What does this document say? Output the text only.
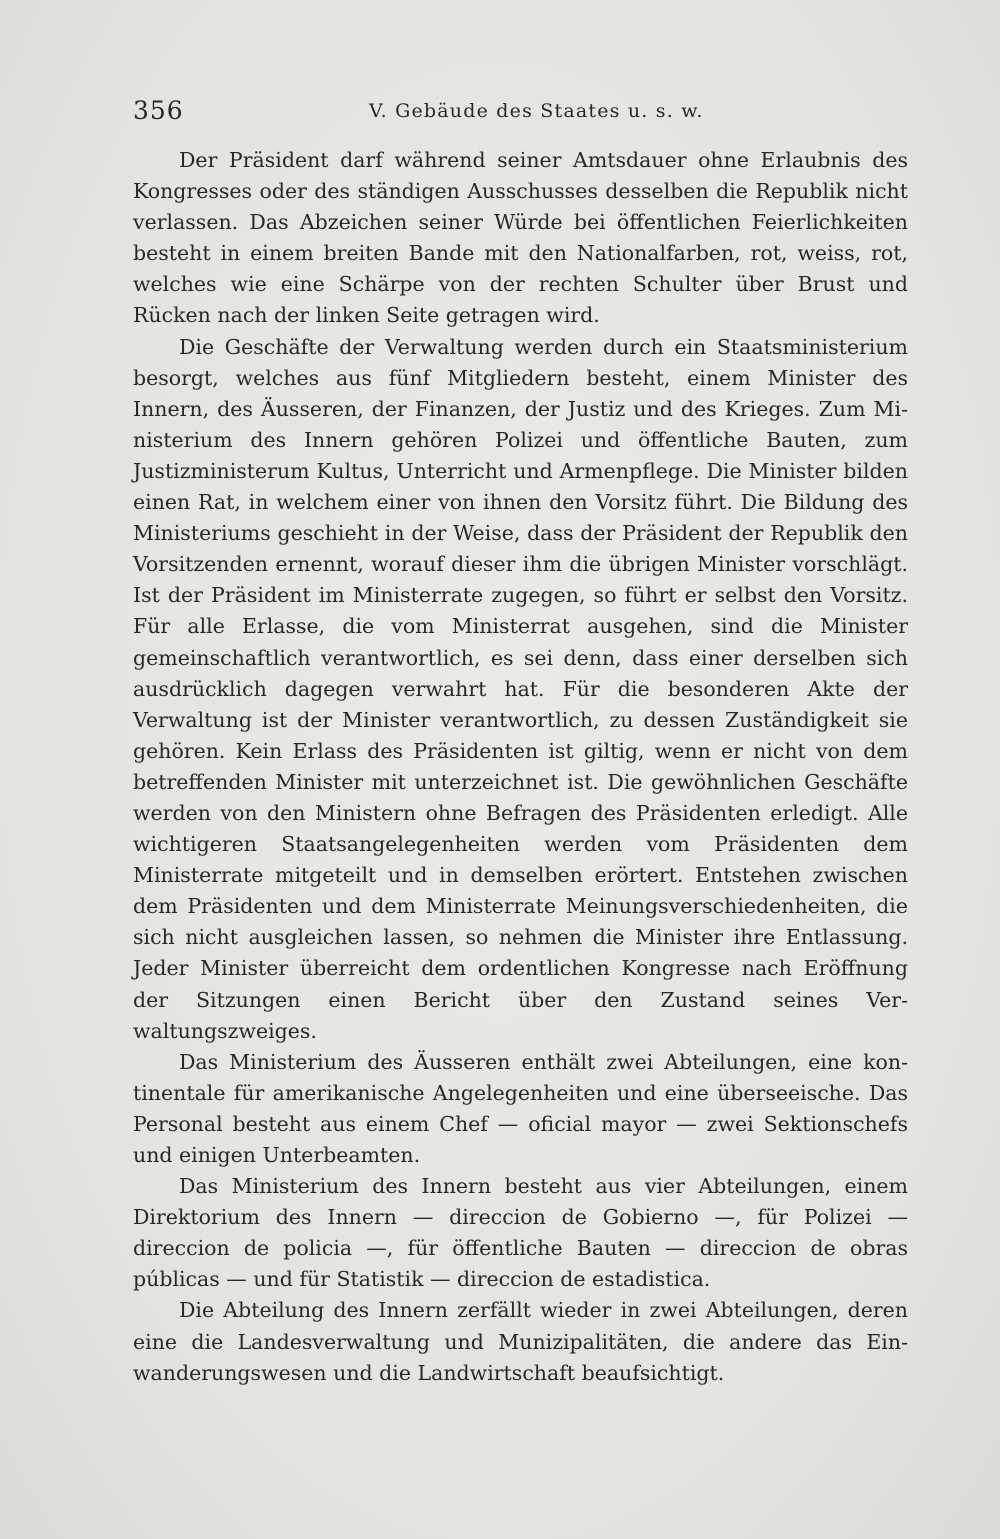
356	V. Gebäude des Staates u. s. w.

Der Präsident darf während seiner Amtsdauer ohne Erlaubnis des Kongresses oder des ständigen Ausschusses desselben die Republik nicht verlassen. Das Abzeichen seiner Würde bei öffentlichen Feierlichkeiten besteht in einem breiten Bande mit den Nationalfarben, rot, weiss, rot, welches wie eine Schärpe von der rechten Schulter über Brust und Rücken nach der linken Seite getragen wird.

Die Geschäfte der Verwaltung werden durch ein Staatsministerium besorgt, welches aus fünf Mitgliedern besteht, einem Minister des Innern, des Äusseren, der Finanzen, der Justiz und des Krieges. Zum Ministerium des Innern gehören Polizei und öffentliche Bauten, zum Justizministerum Kultus, Unterricht und Armenpflege. Die Minister bilden einen Rat, in welchem einer von ihnen den Vorsitz führt. Die Bildung des Ministeriums geschieht in der Weise, dass der Präsident der Republik den Vorsitzenden ernennt, worauf dieser ihm die übrigen Minister vorschlägt. Ist der Präsident im Ministerrate zugegen, so führt er selbst den Vorsitz. Für alle Erlasse, die vom Ministerrat ausgehen, sind die Minister gemeinschaftlich verantwortlich, es sei denn, dass einer derselben sich ausdrücklich dagegen verwahrt hat. Für die besonderen Akte der Verwaltung ist der Minister verantwortlich, zu dessen Zuständigkeit sie gehören. Kein Erlass des Präsidenten ist giltig, wenn er nicht von dem betreffenden Minister mit unterzeichnet ist. Die gewöhnlichen Geschäfte werden von den Ministern ohne Befragen des Präsidenten erledigt. Alle wichtigeren Staatsangelegenheiten werden vom Präsidenten dem Ministerrate mitgeteilt und in demselben erörtert. Entstehen zwischen dem Präsidenten und dem Ministerrate Meinungsverschiedenheiten, die sich nicht ausgleichen lassen, so nehmen die Minister ihre Entlassung. Jeder Minister überreicht dem ordentlichen Kongresse nach Eröffnung der Sitzungen einen Bericht über den Zustand seines Verwaltungszweiges.

Das Ministerium des Äusseren enthält zwei Abteilungen, eine kontinentale für amerikanische Angelegenheiten und eine überseeische. Das Personal besteht aus einem Chef — oficial mayor — zwei Sektionschefs und einigen Unterbeamten.

Das Ministerium des Innern besteht aus vier Abteilungen, einem Direktorium des Innern — direccion de Gobierno —, für Polizei — direccion de policia —, für öffentliche Bauten — direccion de obras públicas — und für Statistik — direccion de estadistica.

Die Abteilung des Innern zerfällt wieder in zwei Abteilungen, deren eine die Landesverwaltung und Munizipalitäten, die andere das Einwanderungswesen und die Landwirtschaft beaufsichtigt.
